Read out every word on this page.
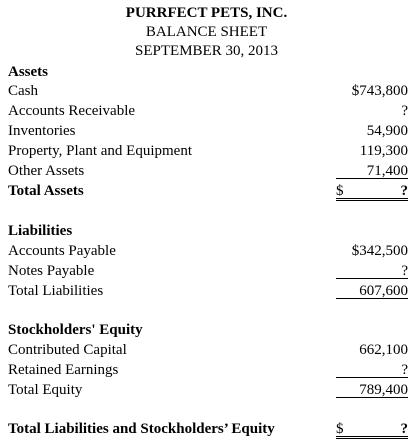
PURRFECT PETS, INC.
BALANCE SHEET
SEPTEMBER 30, 2013
Assets
Cash	$743,800
Accounts Receivable	?
Inventories	54,900
Property, Plant and Equipment	119,300
Other Assets	71,400
Total Assets	$	?
Liabilities
Accounts Payable	$342,500
Notes Payable	?
Total Liabilities	607,600
Stockholders' Equity
Contributed Capital	662,100
Retained Earnings	?
Total Equity	789,400
Total Liabilities and Stockholders’ Equity	$	?
